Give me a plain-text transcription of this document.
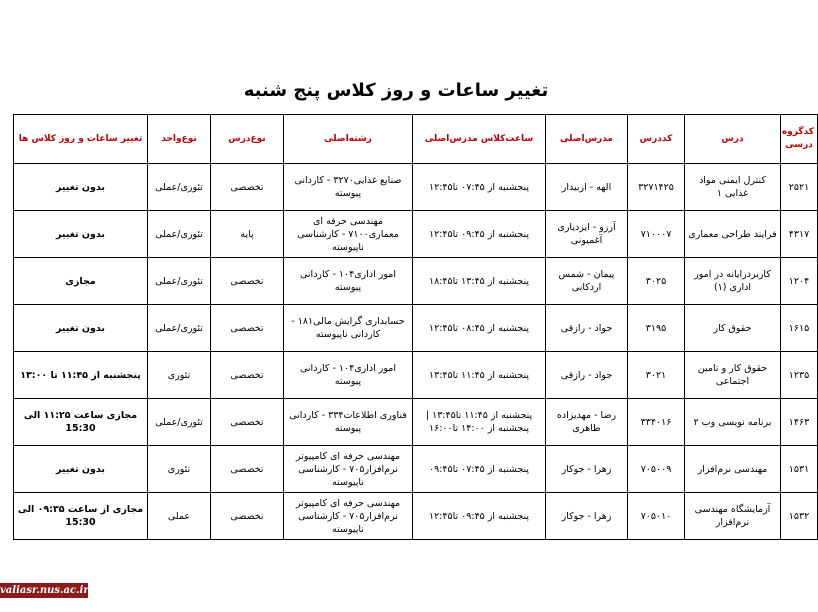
تغییر ساعات و روز کلاس پنج شنبه
کدگروه درسی	درس	کددرس	مدرس‌اصلی	ساعت‌کلاس مدرس‌اصلی	رشته‌اصلی	نوع‌درس	نوع‌واحد	تغییر ساعات و روز کلاس ها
۲۵۲۱	کنترل ایمنی مواد غذایی ۱	۳۲۷۱۴۲۵	الهه - اربیدار	پنجشنبه از ۰۷:۴۵ تا۱۲:۴۵	صنایع غذایی۳۲۷۰ - کاردانی پیوسته	تخصصی	تئوری/عملی	بدون تغییر
۴۳۱۷	فرایند طراحی معماری	۷۱۰۰۰۷	آرزو - ایزدیاری آغمیونی	پنجشنبه از ۰۹:۴۵ تا۱۲:۴۵	مهندسی حرفه ای معماری۷۱۰۰ - کارشناسی ناپیوسته	پایه	تئوری/عملی	بدون تغییر
۱۲۰۴	کاربردرایانه در امور اداری (۱)	۳۰۲۵	پیمان - شمس اردکانی	پنجشنبه از ۱۳:۴۵ تا۱۸:۴۵	امور اداری۱۰۴ - کاردانی پیوسته	تخصصی	تئوری/عملی	مجازی
۱۶۱۵	حقوق کار	۳۱۹۵	جواد - رازقی	پنجشنبه از ۰۸:۴۵ تا۱۲:۴۵	حسابداری گرایش مالی۱۸۱ - کاردانی ناپیوسته	تخصصی	تئوری/عملی	بدون تغییر
۱۲۳۵	حقوق کار و تامین اجتماعی	۳۰۲۱	جواد - رازقی	پنجشنبه از ۱۱:۴۵ تا۱۳:۴۵	امور اداری۱۰۴ - کاردانی پیوسته	تخصصی	تئوری	پنجشنبه از ۱۱:۴۵ تا ۱۳:۰۰
۱۴۶۳	برنامه نویسی وب ۲	۳۳۴۰۱۶	رضا - مهدیزاده طاهری	پنجشنبه از ۱۱:۴۵ تا۱۳:۴۵ | پنجشنبه از ۱۴:۰۰ تا۱۶:۰۰	فناوری اطلاعات۳۳۴ - کاردانی پیوسته	تخصصی	تئوری/عملی	مجازی ساعت ۱۱:۲۵ الی 15:30
۱۵۳۱	مهندسی نرم‌افزار	۷۰۵۰۰۹	زهرا - جوکار	پنجشنبه از ۰۷:۴۵ تا۰۹:۴۵	مهندسی حرفه ای کامپیوتر نرم‌افزار۷۰۵ - کارشناسی ناپیوسته	تخصصی	تئوری	بدون تغییر
۱۵۳۲	آزمایشگاه مهندسی نرم‌افزار	۷۰۵۰۱۰	زهرا - جوکار	پنجشنبه از ۰۹:۴۵ تا۱۲:۴۵	مهندسی حرفه ای کامپیوتر نرم‌افزار۷۰۵ - کارشناسی ناپیوسته	تخصصی	عملی	مجازی از ساعت ۰۹:۳۵ الی 15:30
valiasr.nus.ac.ir
